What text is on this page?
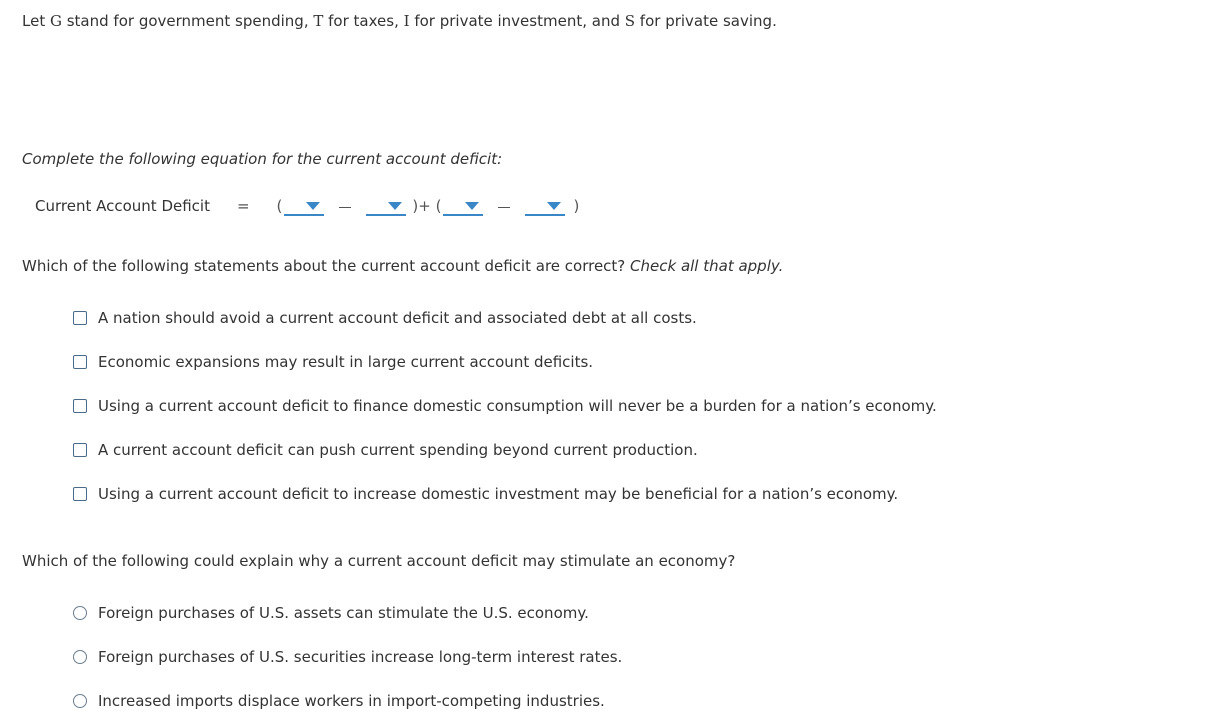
Let G stand for government spending, T for taxes, I for private investment, and S for private saving.
Complete the following equation for the current account deficit:
Current Account Deficit = (	)+ (	)
Which of the following statements about the current account deficit are correct? Check all that apply.
A nation should avoid a current account deficit and associated debt at all costs.
Economic expansions may result in large current account deficits.
Using a current account deficit to finance domestic consumption will never be a burden for a nation’s economy.
A current account deficit can push current spending beyond current production.
Using a current account deficit to increase domestic investment may be beneficial for a nation’s economy.
Which of the following could explain why a current account deficit may stimulate an economy?
Foreign purchases of U.S. assets can stimulate the U.S. economy.
Foreign purchases of U.S. securities increase long-term interest rates.
Increased imports displace workers in import-competing industries.
